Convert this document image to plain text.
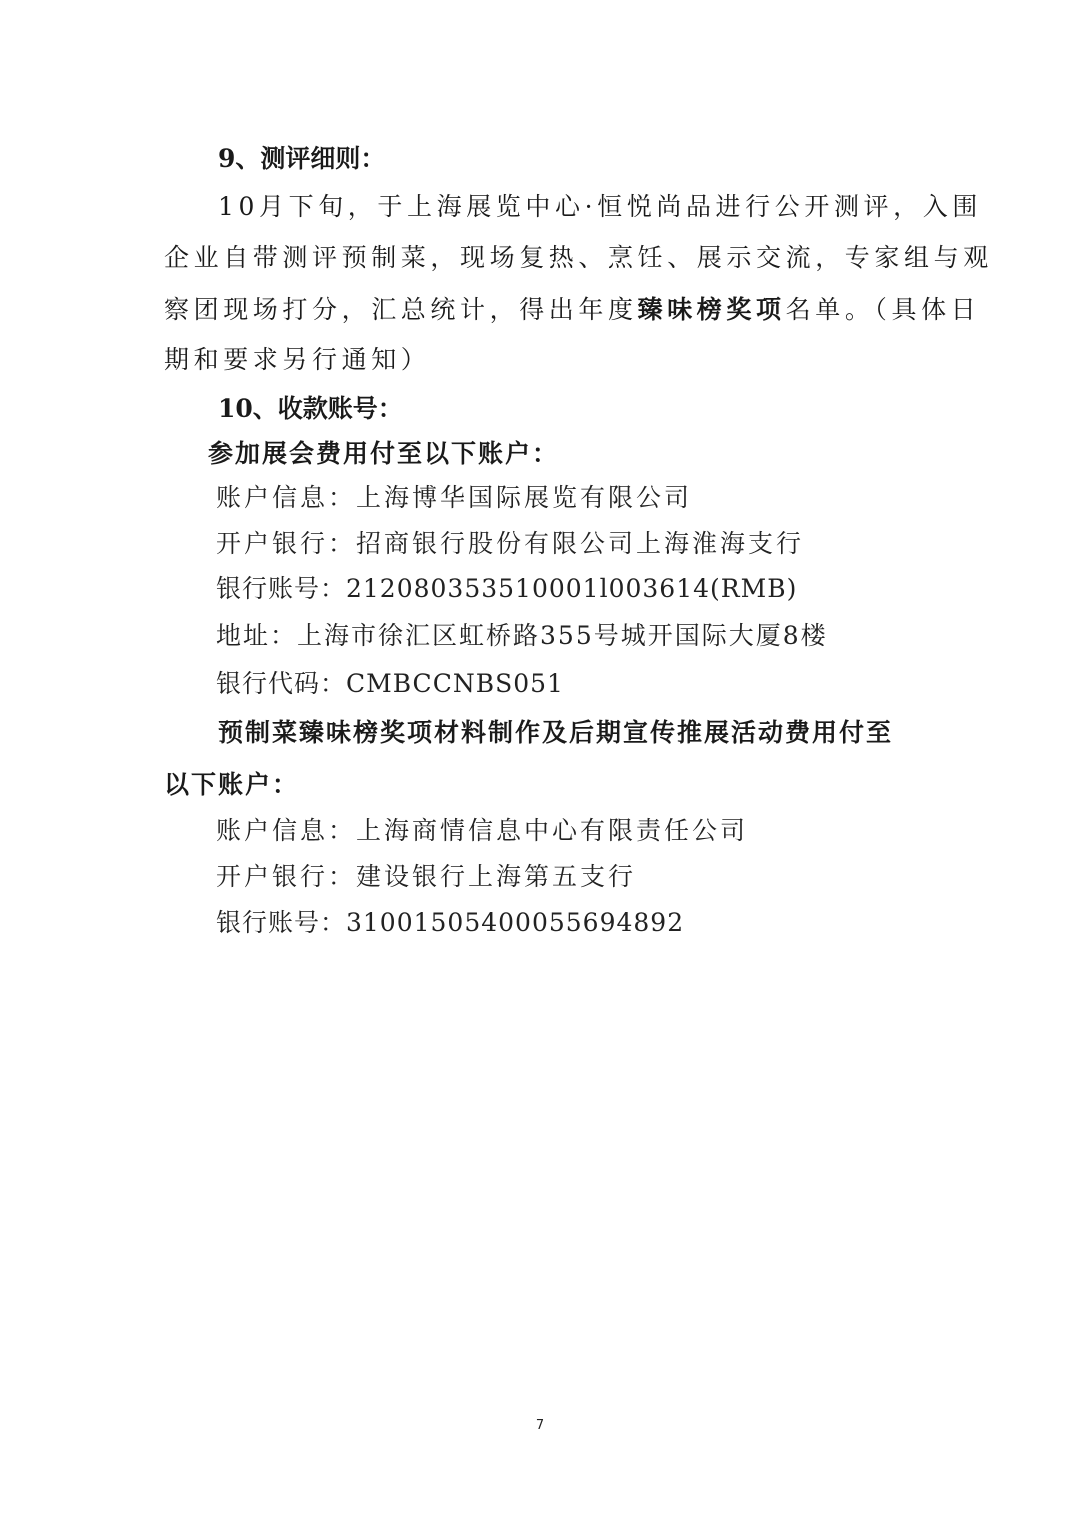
9、测评细则：
10月下旬，于上海展览中心·恒悦尚品进行公开测评，入围
企业自带测评预制菜，现场复热、烹饪、展示交流，专家组与观
察团现场打分，汇总统计，得出年度臻味榜奖项名单。（具体日
期和要求另行通知）
10、收款账号：
参加展会费用付至以下账户：
账户信息：上海博华国际展览有限公司
开户银行：招商银行股份有限公司上海淮海支行
银行账号：212080353510001l003614(RMB)
地址：上海市徐汇区虹桥路355号城开国际大厦8楼
银行代码：CMBCCNBS051
预制菜臻味榜奖项材料制作及后期宣传推展活动费用付至
以下账户：
账户信息：上海商情信息中心有限责任公司
开户银行：建设银行上海第五支行
银行账号：31001505400055694892
7
